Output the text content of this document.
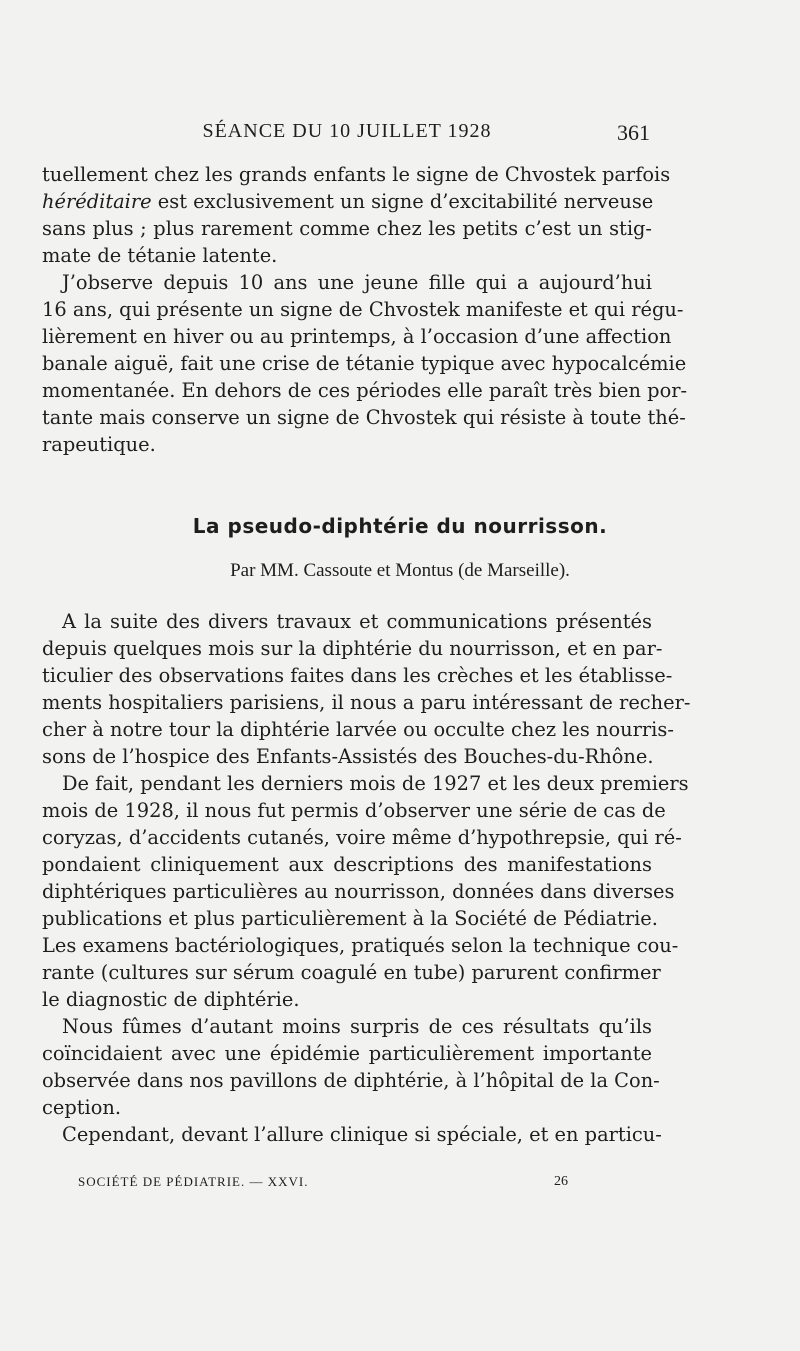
SÉANCE DU 10 JUILLET 1928	361
tuellement chez les grands enfants le signe de Chvostek parfois
héréditaire est exclusivement un signe d’excitabilité nerveuse
sans plus ; plus rarement comme chez les petits c’est un stig-
mate de tétanie latente.
J’observe depuis 10 ans une jeune fille qui a aujourd’hui
16 ans, qui présente un signe de Chvostek manifeste et qui régu-
lièrement en hiver ou au printemps, à l’occasion d’une affection
banale aiguë, fait une crise de tétanie typique avec hypocalcémie
momentanée. En dehors de ces périodes elle paraît très bien por-
tante mais conserve un signe de Chvostek qui résiste à toute thé-
rapeutique.
La pseudo-diphtérie du nourrisson.
Par MM. Cassoute et Montus (de Marseille).
A la suite des divers travaux et communications présentés
depuis quelques mois sur la diphtérie du nourrisson, et en par-
ticulier des observations faites dans les crèches et les établisse-
ments hospitaliers parisiens, il nous a paru intéressant de recher-
cher à notre tour la diphtérie larvée ou occulte chez les nourris-
sons de l’hospice des Enfants-Assistés des Bouches-du-Rhône.
De fait, pendant les derniers mois de 1927 et les deux premiers
mois de 1928, il nous fut permis d’observer une série de cas de
coryzas, d’accidents cutanés, voire même d’hypothrepsie, qui ré-
pondaient cliniquement aux descriptions des manifestations
diphtériques particulières au nourrisson, données dans diverses
publications et plus particulièrement à la Société de Pédiatrie.
Les examens bactériologiques, pratiqués selon la technique cou-
rante (cultures sur sérum coagulé en tube) parurent confirmer
le diagnostic de diphtérie.
Nous fûmes d’autant moins surpris de ces résultats qu’ils
coïncidaient avec une épidémie particulièrement importante
observée dans nos pavillons de diphtérie, à l’hôpital de la Con-
ception.
Cependant, devant l’allure clinique si spéciale, et en particu-
SOCIÉTÉ DE PÉDIATRIE. — XXVI.	26
